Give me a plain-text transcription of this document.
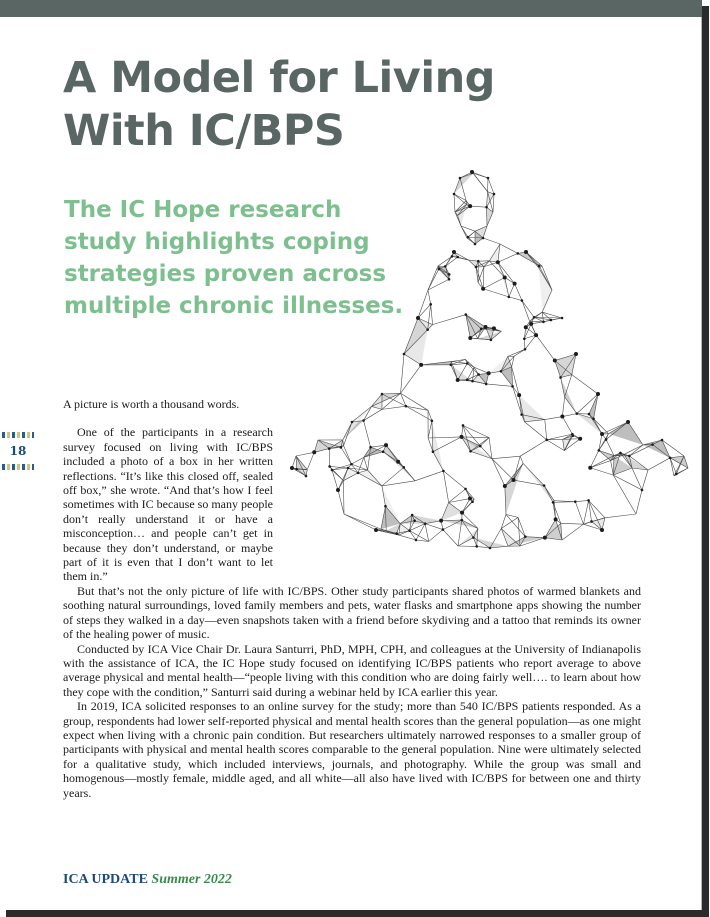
A Model for Living With IC/BPS
The IC Hope research study highlights coping strategies proven across multiple chronic illnesses.
18

A picture is worth a thousand words.

One of the participants in a research survey focused on living with IC/BPS included a photo of a box in her written reflections. “It’s like this closed off, sealed off box,” she wrote. “And that’s how I feel sometimes with IC because so many people don’t really understand it or have a misconception… and people can’t get in because they don’t understand, or maybe part of it is even that I don’t want to let them in.”

But that’s not the only picture of life with IC/BPS. Other study participants shared photos of warmed blankets and soothing natural surroundings, loved family members and pets, water flasks and smartphone apps showing the number of steps they walked in a day—even snapshots taken with a friend before skydiving and a tattoo that reminds its owner of the healing power of music.

Conducted by ICA Vice Chair Dr. Laura Santurri, PhD, MPH, CPH, and colleagues at the University of Indianapolis with the assistance of ICA, the IC Hope study focused on identifying IC/BPS patients who report average to above average physical and mental health—“people living with this condition who are doing fairly well…. to learn about how they cope with the condition,” Santurri said during a webinar held by ICA earlier this year.

In 2019, ICA solicited responses to an online survey for the study; more than 540 IC/BPS patients responded. As a group, respondents had lower self-reported physical and mental health scores than the general population—as one might expect when living with a chronic pain condition. But researchers ultimately narrowed responses to a smaller group of participants with physical and mental health scores comparable to the general population. Nine were ultimately selected for a qualitative study, which included interviews, journals, and photography. While the group was small and homogenous—mostly female, middle aged, and all white—all also have lived with IC/BPS for between one and thirty years.

ICA UPDATE Summer 2022
